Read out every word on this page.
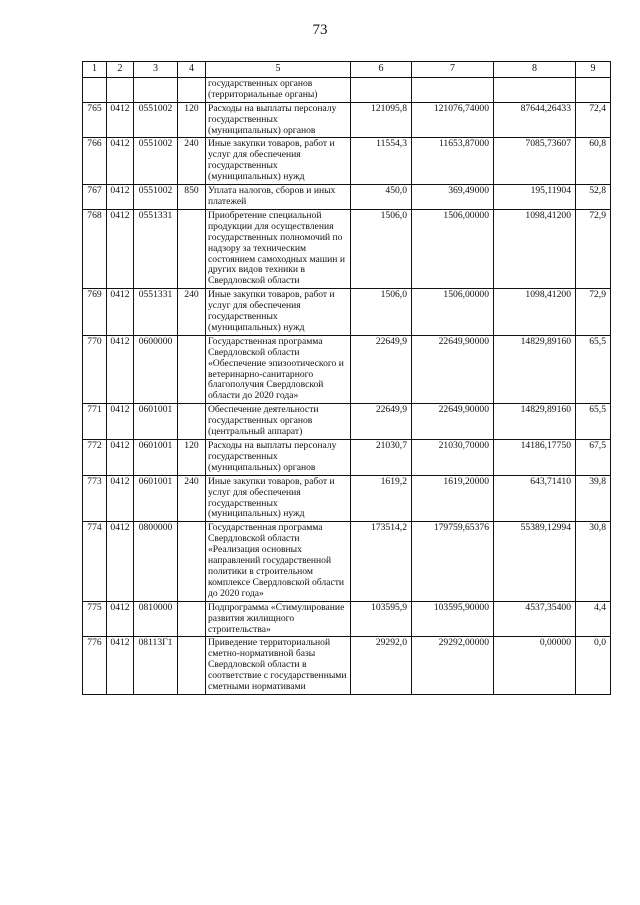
73
1	2	3	4	5	6	7	8	9
				государственных органов (территориальные органы)				
765	0412	0551002	120	Расходы на выплаты персоналу государственных (муниципальных) органов	121095,8	121076,74000	87644,26433	72,4
766	0412	0551002	240	Иные закупки товаров, работ и услуг для обеспечения государственных (муниципальных) нужд	11554,3	11653,87000	7085,73607	60,8
767	0412	0551002	850	Уплата налогов, сборов и иных платежей	450,0	369,49000	195,11904	52,8
768	0412	0551331		Приобретение специальной продукции для осуществления государственных полномочий по надзору за техническим состоянием самоходных машин и других видов техники в Свердловской области	1506,0	1506,00000	1098,41200	72,9
769	0412	0551331	240	Иные закупки товаров, работ и услуг для обеспечения государственных (муниципальных) нужд	1506,0	1506,00000	1098,41200	72,9
770	0412	0600000		Государственная программа Свердловской области «Обеспечение эпизоотического и ветеринарно-санитарного благополучия Свердловской области до 2020 года»	22649,9	22649,90000	14829,89160	65,5
771	0412	0601001		Обеспечение деятельности государственных органов (центральный аппарат)	22649,9	22649,90000	14829,89160	65,5
772	0412	0601001	120	Расходы на выплаты персоналу государственных (муниципальных) органов	21030,7	21030,70000	14186,17750	67,5
773	0412	0601001	240	Иные закупки товаров, работ и услуг для обеспечения государственных (муниципальных) нужд	1619,2	1619,20000	643,71410	39,8
774	0412	0800000		Государственная программа Свердловской области «Реализация основных направлений государственной политики в строительном комплексе Свердловской области до 2020 года»	173514,2	179759,65376	55389,12994	30,8
775	0412	0810000		Подпрограмма «Стимулирование развития жилищного строительства»	103595,9	103595,90000	4537,35400	4,4
776	0412	08113Г1		Приведение территориальной сметно-нормативной базы Свердловской области в соответствие с государственными сметными нормативами	29292,0	29292,00000	0,00000	0,0
